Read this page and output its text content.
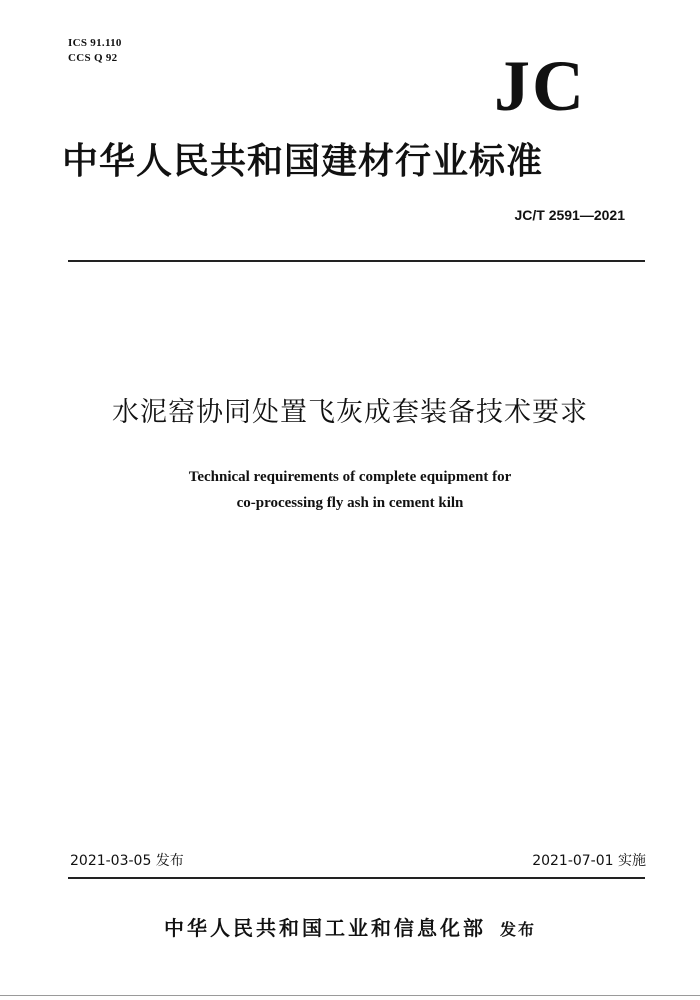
ICS 91.110
CCS Q 92	JC
中华人民共和国建材行业标准
JC/T 2591—2021
水泥窑协同处置飞灰成套装备技术要求
Technical requirements of complete equipment for
co-processing fly ash in cement kiln
2021-03-05 发布	2021-07-01 实施
中华人民共和国工业和信息化部 发布
